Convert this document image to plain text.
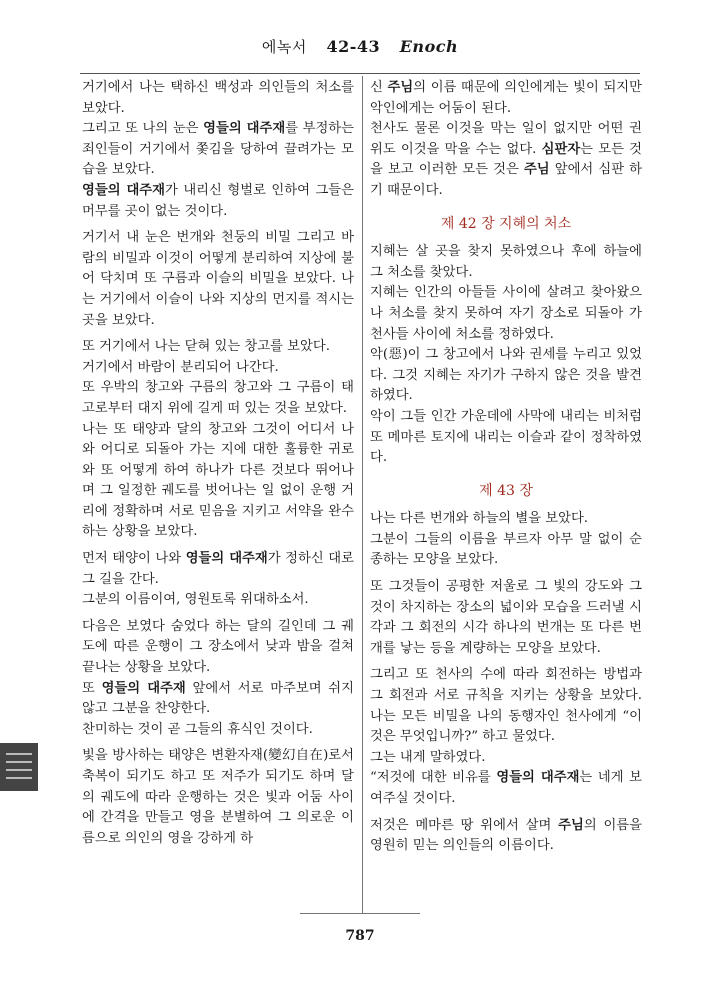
에녹서 42-43 Enoch

거기에서 나는 택하신 백성과 의인들의 처소를 보았다.

그리고 또 나의 눈은 영들의 대주재를 부정하는 죄인들이 거기에서 쫓김을 당하여 끌려가는 모습을 보았다.

영들의 대주재가 내리신 형벌로 인하여 그들은 머무를 곳이 없는 것이다.

거기서 내 눈은 번개와 천둥의 비밀 그리고 바람의 비밀과 이것이 어떻게 분리하여 지상에 불어 닥치며 또 구름과 이슬의 비밀을 보았다. 나는 거기에서 이슬이 나와 지상의 먼지를 적시는 곳을 보았다.

또 거기에서 나는 닫혀 있는 창고를 보았다.

거기에서 바람이 분리되어 나간다.

또 우박의 창고와 구름의 창고와 그 구름이 태고로부터 대지 위에 길게 떠 있는 것을 보았다.

나는 또 태양과 달의 창고와 그것이 어디서 나와 어디로 되돌아 가는 지에 대한 훌륭한 귀로와 또 어떻게 하여 하나가 다른 것보다 뛰어나며 그 일정한 궤도를 벗어나는 일 없이 운행 거리에 정확하며 서로 믿음을 지키고 서약을 완수하는 상황을 보았다.

먼저 태양이 나와 영들의 대주재가 정하신 대로 그 길을 간다.

그분의 이름이여, 영원토록 위대하소서.

다음은 보였다 숨었다 하는 달의 길인데 그 궤도에 따른 운행이 그 장소에서 낮과 밤을 걸쳐 끝나는 상황을 보았다.

또 영들의 대주재 앞에서 서로 마주보며 쉬지 않고 그분을 찬양한다.

찬미하는 것이 곧 그들의 휴식인 것이다.

빛을 방사하는 태양은 변환자재(變幻自在)로서 축복이 되기도 하고 또 저주가 되기도 하며 달의 궤도에 따라 운행하는 것은 빛과 어둠 사이에 간격을 만들고 영을 분별하여 그 의로운 이름으로 의인의 영을 강하게 하

신 주님의 이름 때문에 의인에게는 빛이 되지만 악인에게는 어둠이 된다.

천사도 물론 이것을 막는 일이 없지만 어떤 권위도 이것을 막을 수는 없다. 심판자는 모든 것을 보고 이러한 모든 것은 주님 앞에서 심판 하기 때문이다.

제 42 장 지혜의 처소

지혜는 살 곳을 찾지 못하였으나 후에 하늘에 그 처소를 찾았다.

지혜는 인간의 아들들 사이에 살려고 찾아왔으나 처소를 찾지 못하여 자기 장소로 되돌아 가 천사들 사이에 처소를 정하였다.

악(惡)이 그 창고에서 나와 권세를 누리고 있었다. 그것 지혜는 자기가 구하지 않은 것을 발견하였다.

악이 그들 인간 가운데에 사막에 내리는 비처럼 또 메마른 토지에 내리는 이슬과 같이 정착하였다.

제 43 장

나는 다른 번개와 하늘의 별을 보았다.

그분이 그들의 이름을 부르자 아무 말 없이 순종하는 모양을 보았다.

또 그것들이 공평한 저울로 그 빛의 강도와 그것이 차지하는 장소의 넓이와 모습을 드러낼 시각과 그 회전의 시각 하나의 번개는 또 다른 번개를 낳는 등을 계량하는 모양을 보았다.

그리고 또 천사의 수에 따라 회전하는 방법과 그 회전과 서로 규칙을 지키는 상황을 보았다. 나는 모든 비밀을 나의 동행자인 천사에게 “이것은 무엇입니까?” 하고 물었다.

그는 내게 말하였다.

“저것에 대한 비유를 영들의 대주재는 네게 보여주실 것이다.

저것은 메마른 땅 위에서 살며 주님의 이름을 영원히 믿는 의인들의 이름이다.

787
